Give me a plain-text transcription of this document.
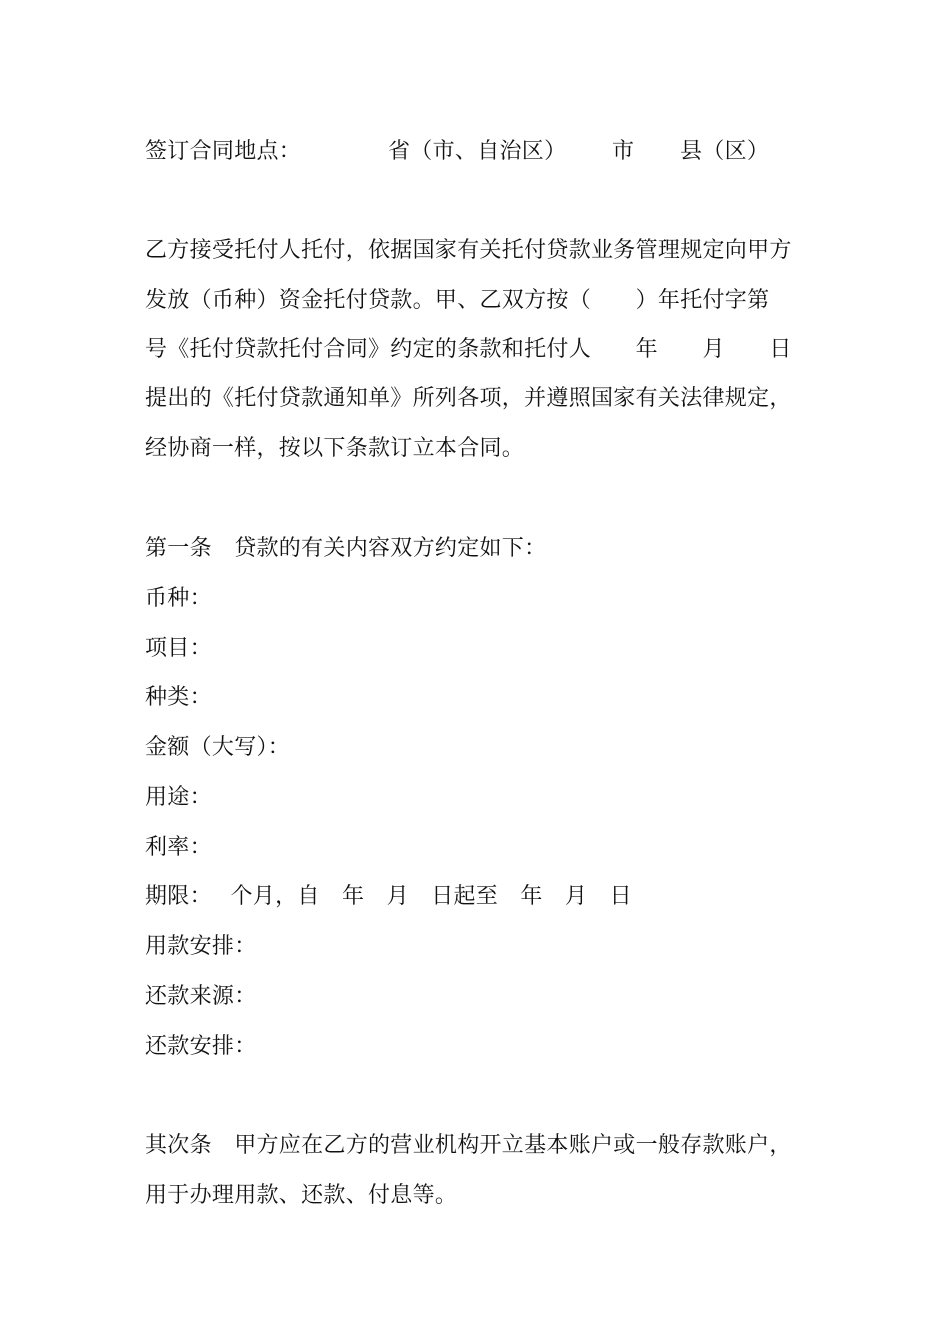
签订合同地点：

	省（市、自治区）

市

县（区）

乙方接受托付人托付，依据国家有关托付贷款业务管理规定向甲方
发放（币种）资金托付贷款。甲、乙双方按（　　）年托付字第
号《托付贷款托付合同》约定的条款和托付人　　年　　月　　日
提出的《托付贷款通知单》所列各项，并遵照国家有关法律规定，
经协商一样，按以下条款订立本合同。
第一条　贷款的有关内容双方约定如下：
币种：
项目：
种类：
金额（大写）：
用途：
利率：
期限：　 个月，自　年　月　日起至　年　月　日
用款安排：
还款来源：
还款安排：
其次条　甲方应在乙方的营业机构开立基本账户或一般存款账户，
用于办理用款、还款、付息等。
